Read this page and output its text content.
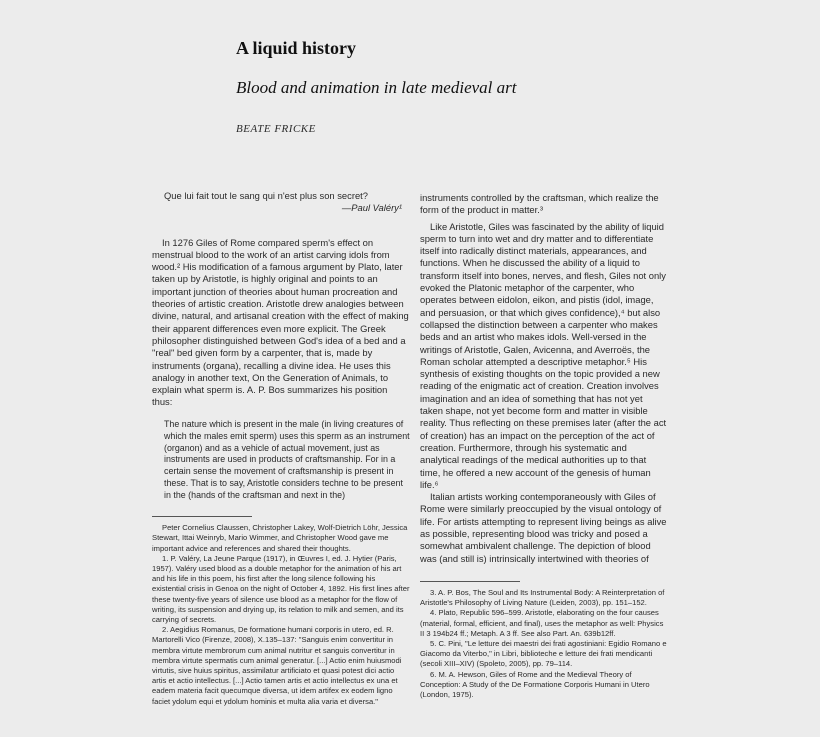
A liquid history
Blood and animation in late medieval art
BEATE FRICKE
Que lui fait tout le sang qui n'est plus son secret?
—Paul Valéry¹

In 1276 Giles of Rome compared sperm's effect on menstrual blood to the work of an artist carving idols from wood.² His modification of a famous argument by Plato, later taken up by Aristotle, is highly original and points to an important junction of theories about human procreation and theories of artistic creation. Aristotle drew analogies between divine, natural, and artisanal creation with the effect of making their apparent differences even more explicit. The Greek philosopher distinguished between God's idea of a bed and a "real" bed given form by a carpenter, that is, made by instruments (organa), recalling a divine idea. He uses this analogy in another text, On the Generation of Animals, to explain what sperm is. A. P. Bos summarizes his position thus:

The nature which is present in the male (in living creatures of which the males emit sperm) uses this sperm as an instrument (organon) and as a vehicle of actual movement, just as instruments are used in products of craftsmanship. For in a certain sense the movement of craftsmanship is present in these. That is to say, Aristotle considers techne to be present in the (hands of the craftsman and next in the)

Peter Cornelius Claussen, Christopher Lakey, Wolf-Dietrich Löhr, Jessica Stewart, Ittai Weinryb, Mario Wimmer, and Christopher Wood gave me important advice and references and shared their thoughts.

1. P. Valéry, La Jeune Parque (1917), in Œuvres I, ed. J. Hytier (Paris, 1957). Valéry used blood as a double metaphor for the animation of his art and his life in this poem, his first after the long silence following his existential crisis in Genoa on the night of October 4, 1892. His first lines after these twenty-five years of silence use blood as a metaphor for the flow of writing, its suspension and drying up, its relation to milk and semen, and its carrying of secrets.

2. Aegidius Romanus, De formatione humani corporis in utero, ed. R. Martorelli Vico (Firenze, 2008), X.135–137: "Sanguis enim convertitur in membra virtute membrorum cum animal nutritur et sanguis convertitur in membra virtute spermatis cum animal generatur. [...] Actio enim huiusmodi virtutis, sive huius spiritus, assimilatur artificiato et quasi potest dici actio artis et actio intellectus. [...] Actio tamen artis et actio intellectus ex una et eadem materia facit quecumque diversa, ut idem artifex ex eodem ligno faciet ydolum equi et ydolum hominis et multa alia varia et diversa."

instruments controlled by the craftsman, which realize the form of the product in matter.³

Like Aristotle, Giles was fascinated by the ability of liquid sperm to turn into wet and dry matter and to differentiate itself into radically distinct materials, appearances, and functions. When he discussed the ability of a liquid to transform itself into bones, nerves, and flesh, Giles not only evoked the Platonic metaphor of the carpenter, who operates between eidolon, eikon, and pistis (idol, image, and persuasion, or that which gives confidence),⁴ but also collapsed the distinction between a carpenter who makes beds and an artist who makes idols. Well-versed in the writings of Aristotle, Galen, Avicenna, and Averroës, the Roman scholar attempted a descriptive metaphor.⁵ His synthesis of existing thoughts on the topic provided a new reading of the enigmatic act of creation. Creation involves imagination and an idea of something that has not yet taken shape, not yet become form and matter in visible reality. Thus reflecting on these premises later (after the act of creation) has an impact on the perception of the act of creation. Furthermore, through his systematic and analytical readings of the medical authorities up to that time, he offered a new account of the genesis of human life.⁶

Italian artists working contemporaneously with Giles of Rome were similarly preoccupied by the visual ontology of life. For artists attempting to represent living beings as alive as possible, representing blood was tricky and posed a somewhat ambivalent challenge. The depiction of blood was (and still is) intrinsically intertwined with theories of

3. A. P. Bos, The Soul and Its Instrumental Body: A Reinterpretation of Aristotle's Philosophy of Living Nature (Leiden, 2003), pp. 151–152.

4. Plato, Republic 596–599. Aristotle, elaborating on the four causes (material, formal, efficient, and final), uses the metaphor as well: Physics II 3 194b24 ff.; Metaph. A 3 ff. See also Part. An. 639b12ff.

5. C. Pini, "Le letture dei maestri dei frati agostiniani: Egidio Romano e Giacomo da Viterbo," in Libri, biblioteche e letture dei frati mendicanti (secoli XIII–XIV) (Spoleto, 2005), pp. 79–114.

6. M. A. Hewson, Giles of Rome and the Medieval Theory of Conception: A Study of the De Formatione Corporis Humani in Utero (London, 1975).
